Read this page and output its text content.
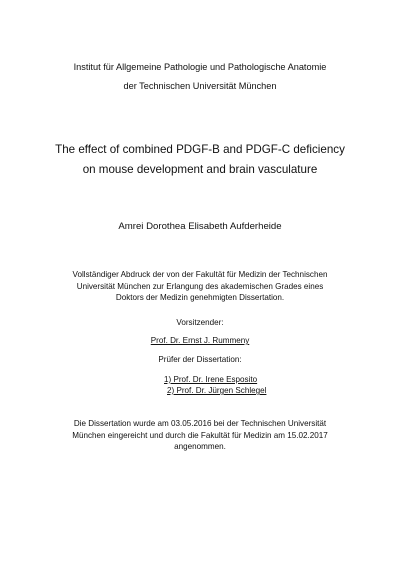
Institut für Allgemeine Pathologie und Pathologische Anatomie
der Technischen Universität München
The effect of combined PDGF-B and PDGF-C deficiency
on mouse development and brain vasculature
Amrei Dorothea Elisabeth Aufderheide
Vollständiger Abdruck der von der Fakultät für Medizin der Technischen
Universität München zur Erlangung des akademischen Grades eines
Doktors der Medizin genehmigten Dissertation.
Vorsitzender:
Prof. Dr. Ernst J. Rummeny
Prüfer der Dissertation:
1) Prof. Dr. Irene Esposito
2) Prof. Dr. Jürgen Schlegel
Die Dissertation wurde am 03.05.2016 bei der Technischen Universität
München eingereicht und durch die Fakultät für Medizin am 15.02.2017
angenommen.
